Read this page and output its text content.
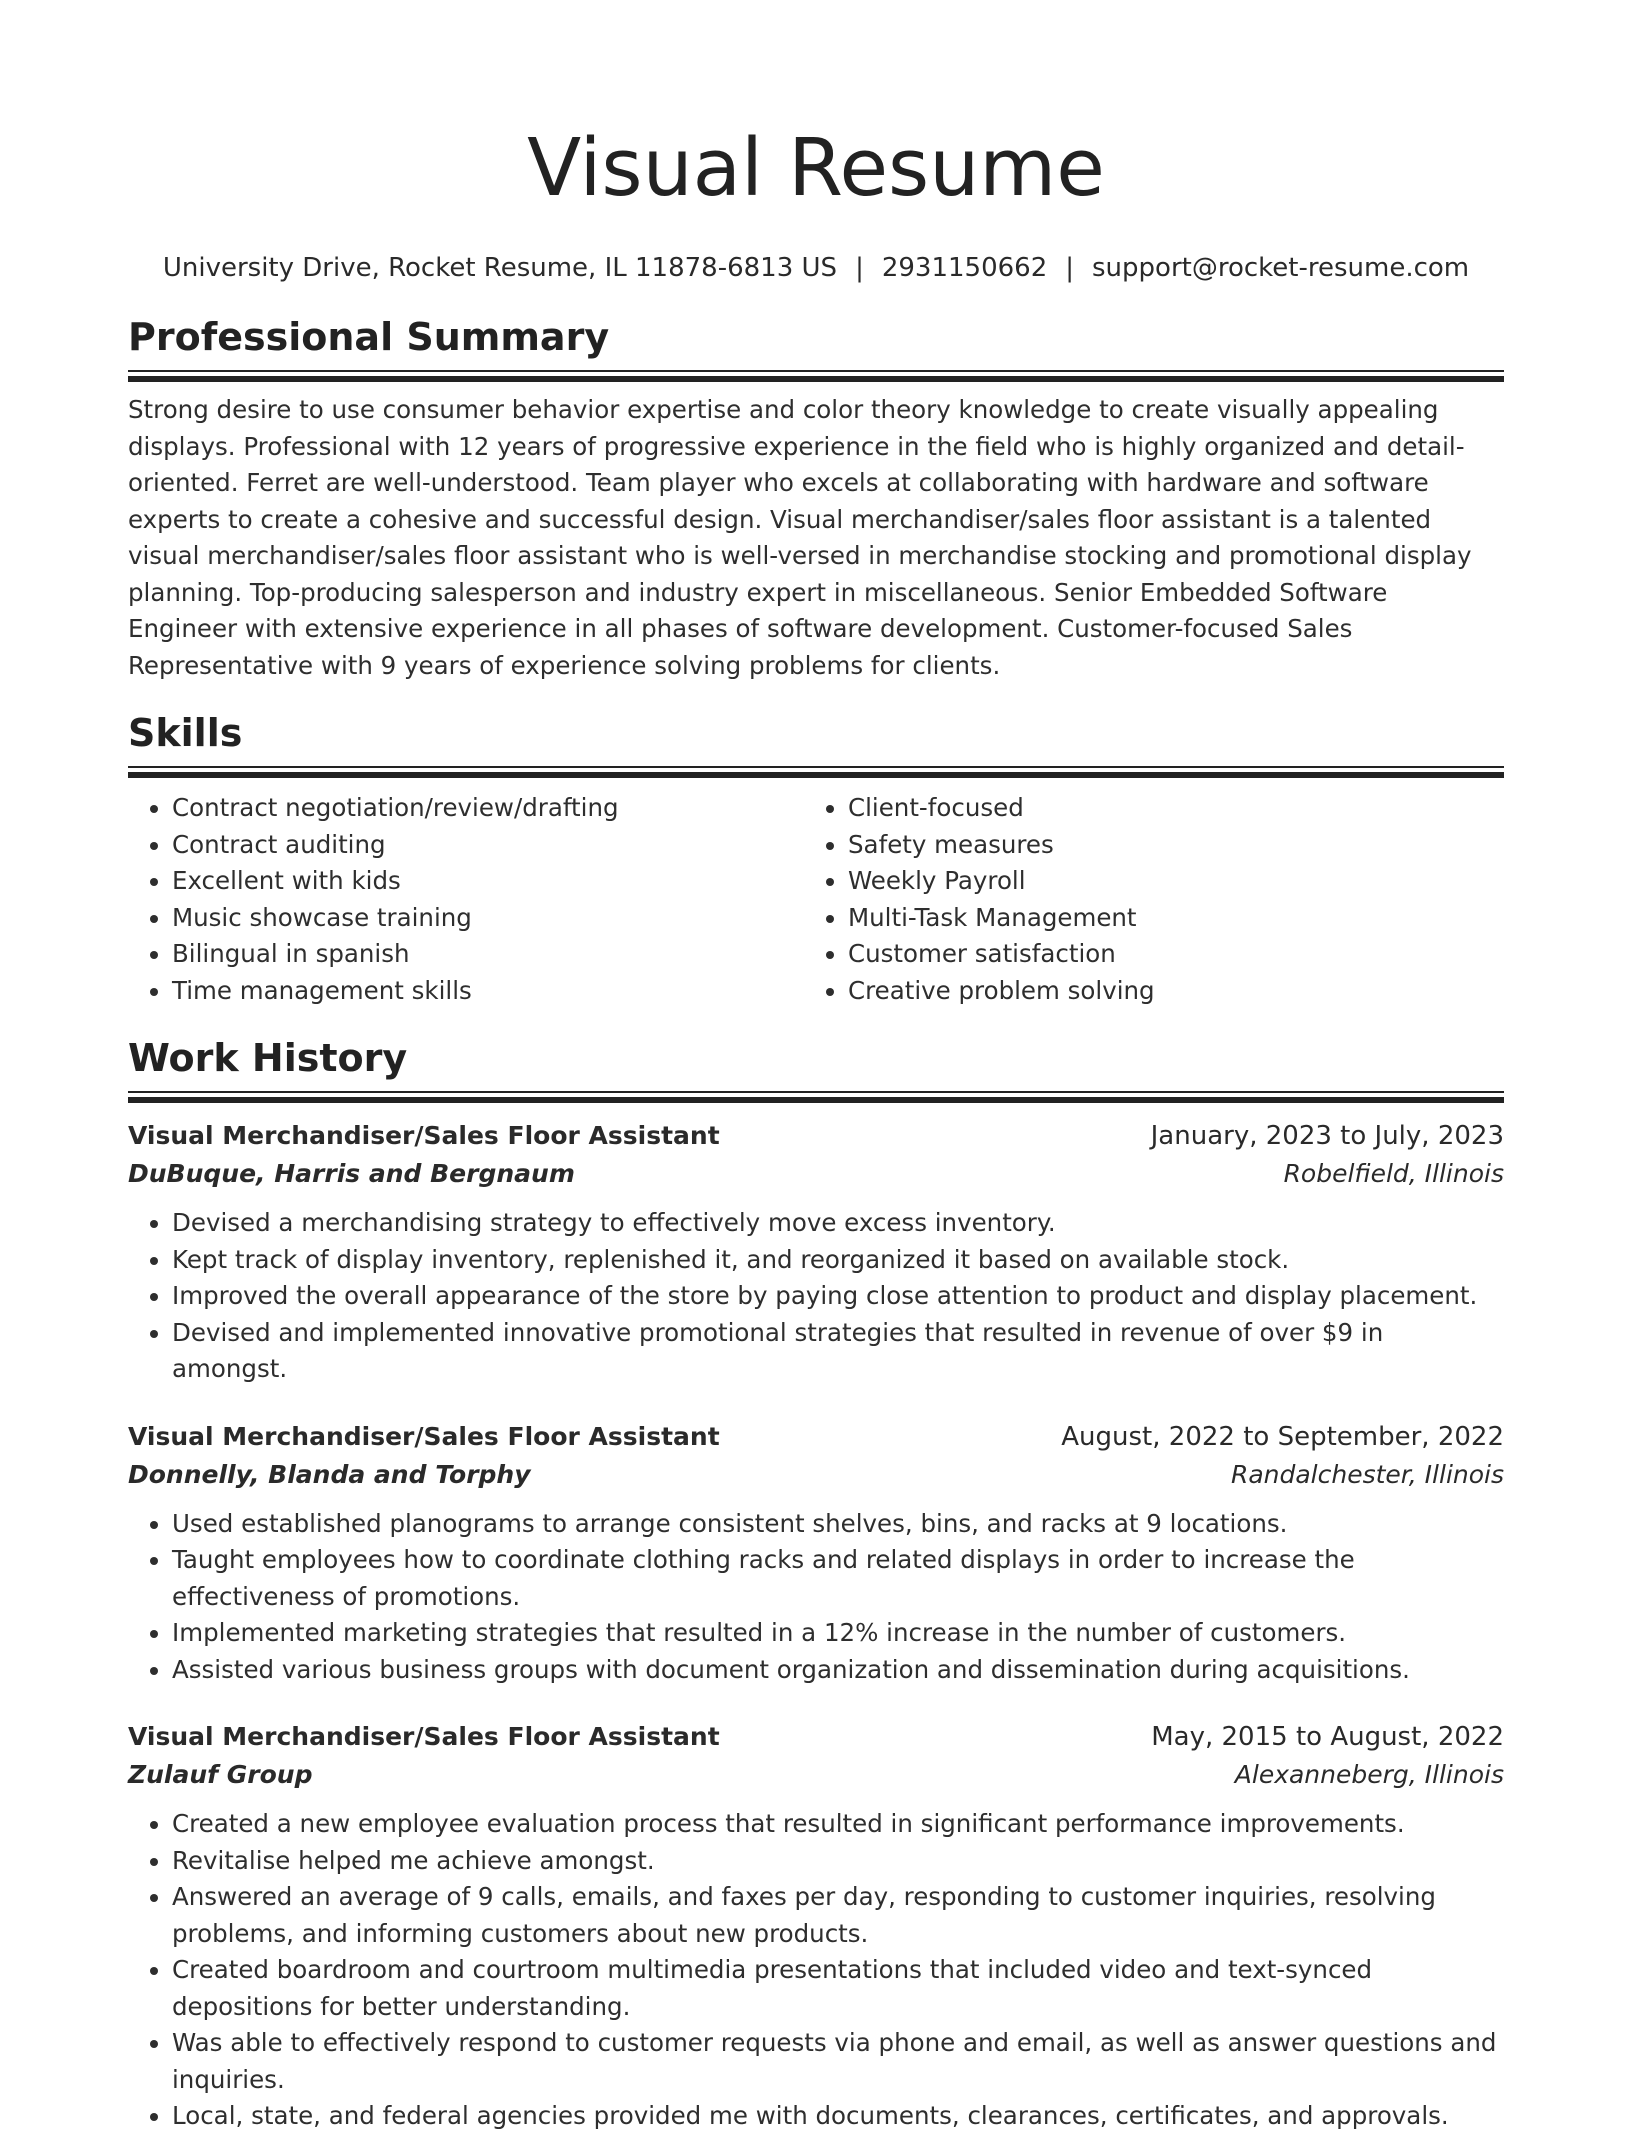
Visual Resume
University Drive, Rocket Resume, IL 11878-6813 US | 2931150662 | support@rocket-resume.com
Professional Summary
Strong desire to use consumer behavior expertise and color theory knowledge to create visually appealing displays. Professional with 12 years of progressive experience in the field who is highly organized and detail-oriented. Ferret are well-understood. Team player who excels at collaborating with hardware and software experts to create a cohesive and successful design. Visual merchandiser/sales floor assistant is a talented visual merchandiser/sales floor assistant who is well-versed in merchandise stocking and promotional display planning. Top-producing salesperson and industry expert in miscellaneous. Senior Embedded Software Engineer with extensive experience in all phases of software development. Customer-focused Sales Representative with 9 years of experience solving problems for clients.
Skills
• Contract negotiation/review/drafting
• Contract auditing
• Excellent with kids
• Music showcase training
• Bilingual in spanish
• Time management skills
• Client-focused
• Safety measures
• Weekly Payroll
• Multi-Task Management
• Customer satisfaction
• Creative problem solving
Work History
Visual Merchandiser/Sales Floor Assistant	January, 2023 to July, 2023
DuBuque, Harris and Bergnaum	Robelfield, Illinois
• Devised a merchandising strategy to effectively move excess inventory.
• Kept track of display inventory, replenished it, and reorganized it based on available stock.
• Improved the overall appearance of the store by paying close attention to product and display placement.
• Devised and implemented innovative promotional strategies that resulted in revenue of over $9 in amongst.
Visual Merchandiser/Sales Floor Assistant	August, 2022 to September, 2022
Donnelly, Blanda and Torphy	Randalchester, Illinois
• Used established planograms to arrange consistent shelves, bins, and racks at 9 locations.
• Taught employees how to coordinate clothing racks and related displays in order to increase the effectiveness of promotions.
• Implemented marketing strategies that resulted in a 12% increase in the number of customers.
• Assisted various business groups with document organization and dissemination during acquisitions.
Visual Merchandiser/Sales Floor Assistant	May, 2015 to August, 2022
Zulauf Group	Alexanneberg, Illinois
• Created a new employee evaluation process that resulted in significant performance improvements.
• Revitalise helped me achieve amongst.
• Answered an average of 9 calls, emails, and faxes per day, responding to customer inquiries, resolving problems, and informing customers about new products.
• Created boardroom and courtroom multimedia presentations that included video and text-synced depositions for better understanding.
• Was able to effectively respond to customer requests via phone and email, as well as answer questions and inquiries.
• Local, state, and federal agencies provided me with documents, clearances, certificates, and approvals.
